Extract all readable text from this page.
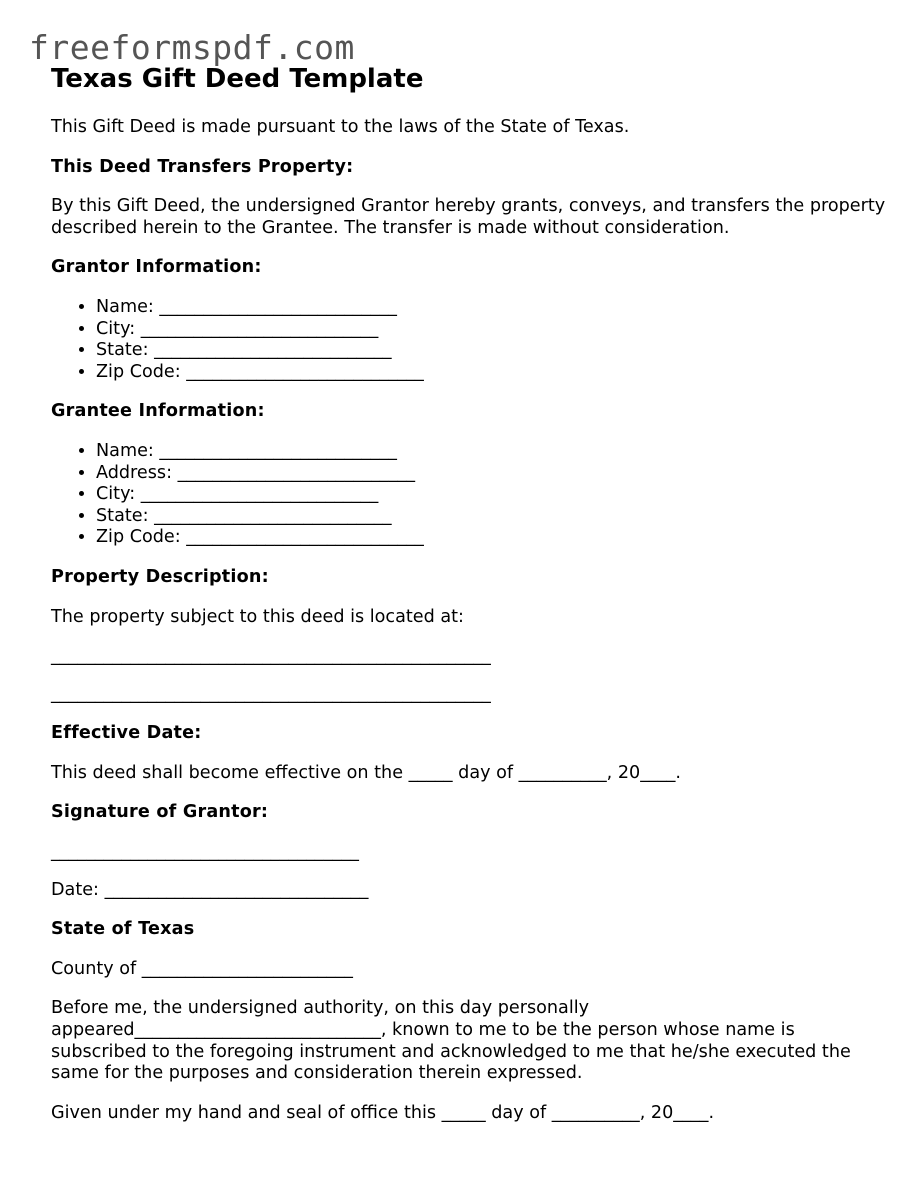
freeformspdf.com
Texas Gift Deed Template

This Gift Deed is made pursuant to the laws of the State of Texas.

This Deed Transfers Property:

By this Gift Deed, the undersigned Grantor hereby grants, conveys, and transfers the property described herein to the Grantee. The transfer is made without consideration.

Grantor Information:
• Name: ___________________________
• City: ___________________________
• State: ___________________________
• Zip Code: ___________________________
Grantee Information:
• Name: ___________________________
• Address: ___________________________
• City: ___________________________
• State: ___________________________
• Zip Code: ___________________________
Property Description:

The property subject to this deed is located at:

__________________________________________________
__________________________________________________
Effective Date:

This deed shall become effective on the _____ day of __________, 20____.

Signature of Grantor:
___________________________________
Date: ______________________________
State of Texas
County of ________________________

Before me, the undersigned authority, on this day personally appeared____________________________, known to me to be the person whose name is subscribed to the foregoing instrument and acknowledged to me that he/she executed the same for the purposes and consideration therein expressed.

Given under my hand and seal of office this _____ day of __________, 20____.
